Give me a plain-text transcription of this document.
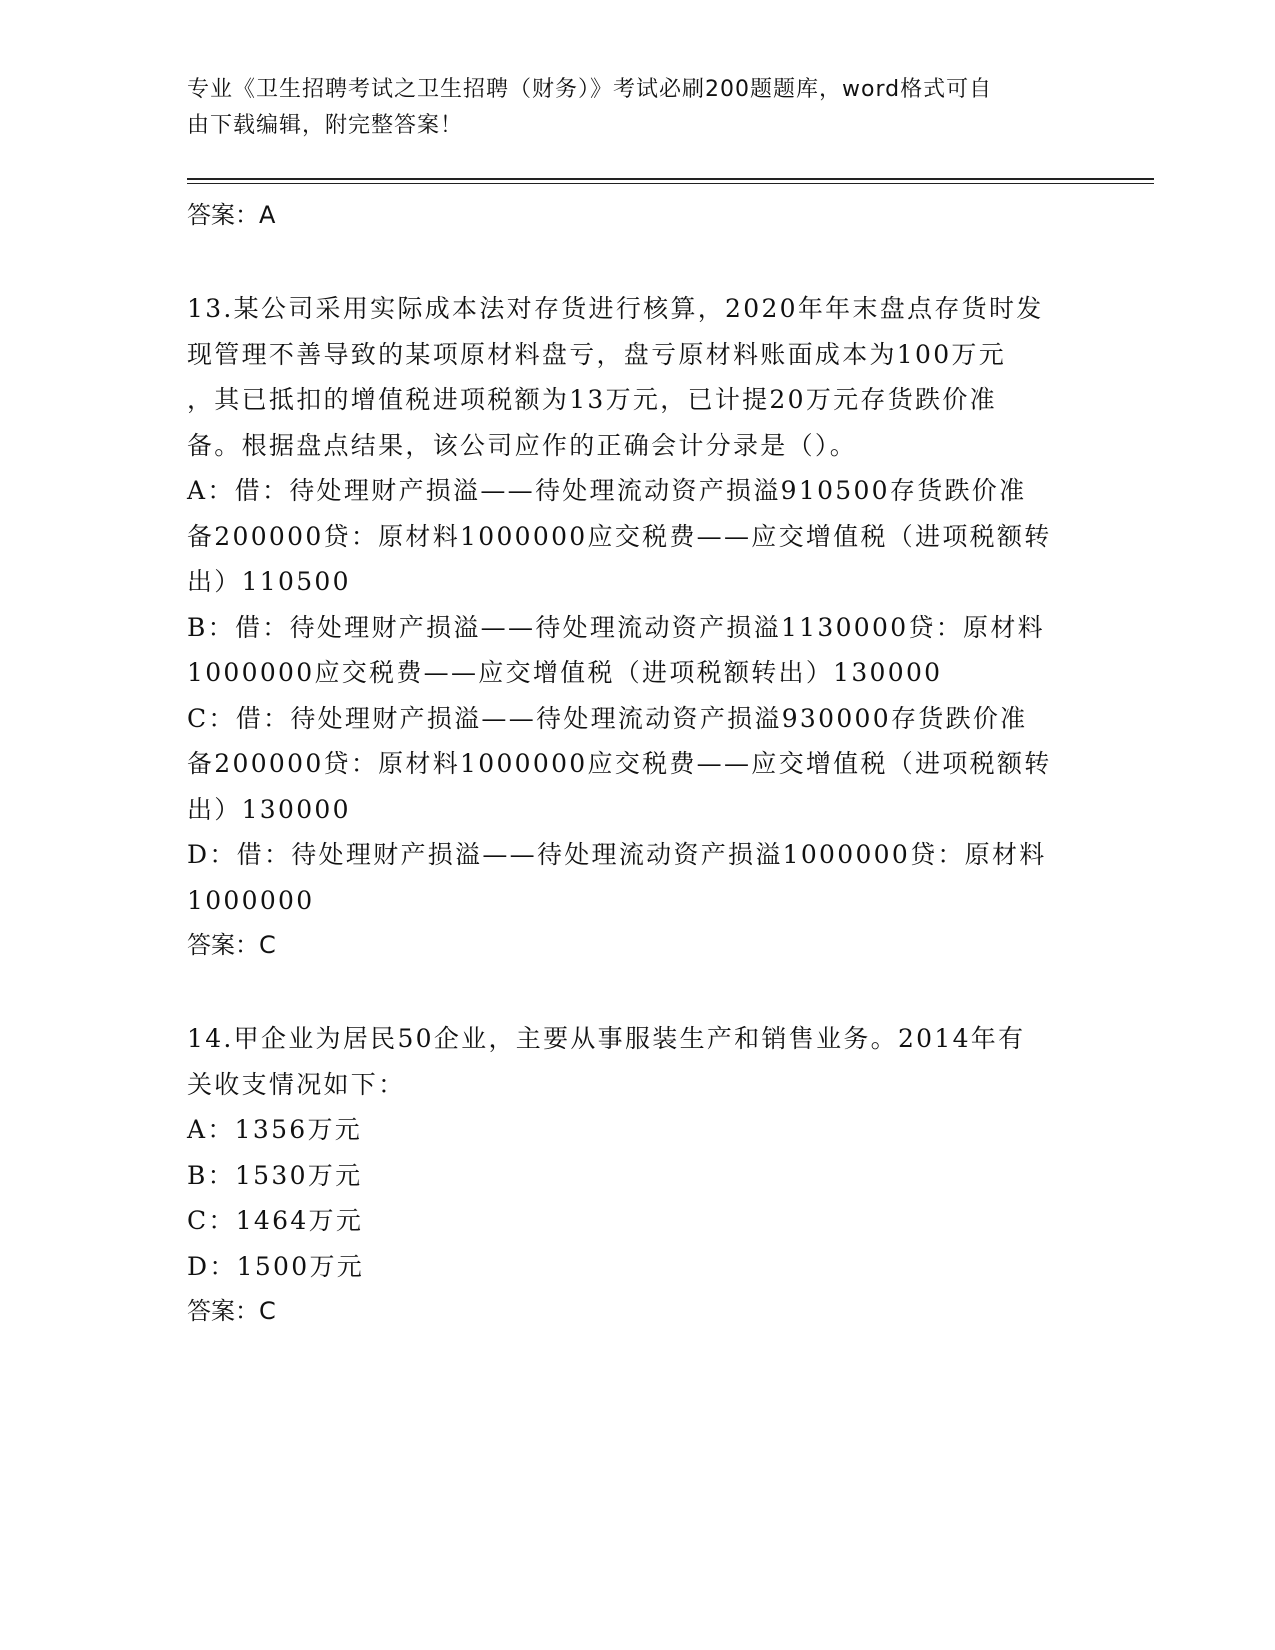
专业《卫生招聘考试之卫生招聘（财务）》考试必刷200题题库，word格式可自
由下载编辑，附完整答案！

答案：A

13.某公司采用实际成本法对存货进行核算，2020年年末盘点存货时发

现管理不善导致的某项原材料盘亏，盘亏原材料账面成本为100万元

，其已抵扣的增值税进项税额为13万元，已计提20万元存货跌价准

备。根据盘点结果，该公司应作的正确会计分录是（）。

A：借：待处理财产损溢——待处理流动资产损溢910500存货跌价准

备200000贷：原材料1000000应交税费——应交增值税（进项税额转

出）110500

B：借：待处理财产损溢——待处理流动资产损溢1130000贷：原材料

1000000应交税费——应交增值税（进项税额转出）130000

C：借：待处理财产损溢——待处理流动资产损溢930000存货跌价准

备200000贷：原材料1000000应交税费——应交增值税（进项税额转

出）130000

D：借：待处理财产损溢——待处理流动资产损溢1000000贷：原材料

1000000

答案：C

14.甲企业为居民50企业，主要从事服装生产和销售业务。2014年有

关收支情况如下：

A：1356万元

B：1530万元

C：1464万元

D：1500万元

答案：C
